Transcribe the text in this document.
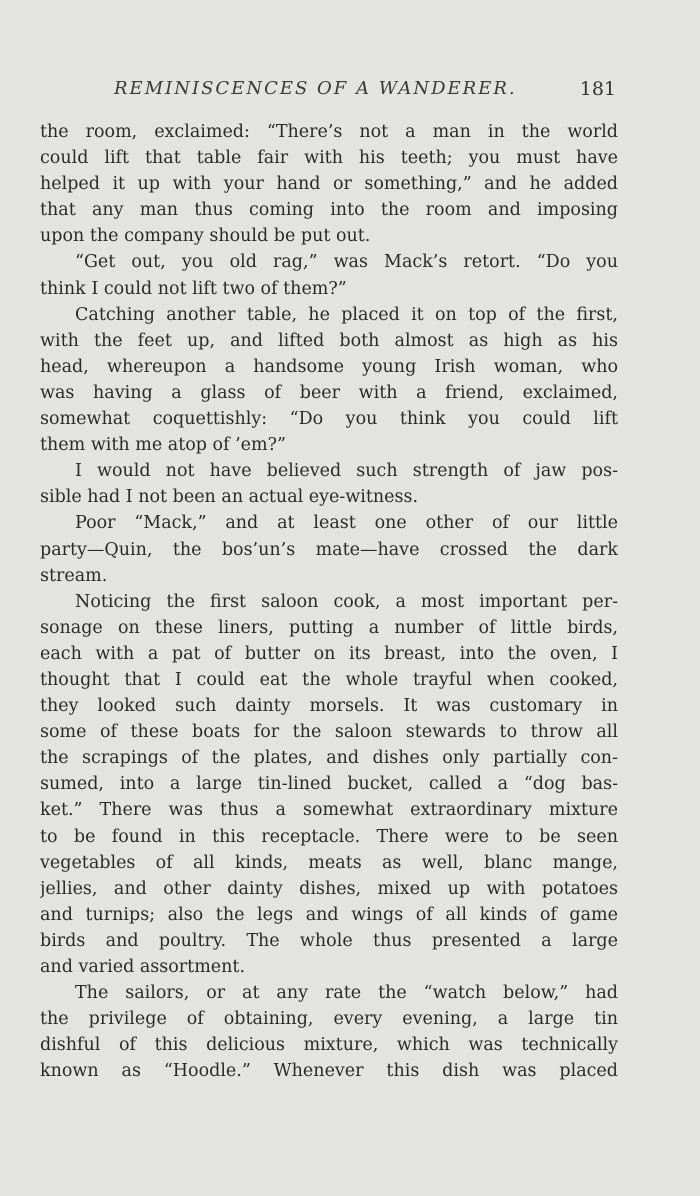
REMINISCENCES OF A WANDERER.	181
the room, exclaimed: “There’s not a man in the world
could lift that table fair with his teeth; you must have
helped it up with your hand or something,” and he added
that any man thus coming into the room and imposing
upon the company should be put out.
“Get out, you old rag,” was Mack’s retort. “Do you
think I could not lift two of them?”
Catching another table, he placed it on top of the first,
with the feet up, and lifted both almost as high as his
head, whereupon a handsome young Irish woman, who
was having a glass of beer with a friend, exclaimed,
somewhat coquettishly: “Do you think you could lift
them with me atop of ’em?”
I would not have believed such strength of jaw pos-
sible had I not been an actual eye-witness.
Poor “Mack,” and at least one other of our little
party—Quin, the bos’un’s mate—have crossed the dark
stream.
Noticing the first saloon cook, a most important per-
sonage on these liners, putting a number of little birds,
each with a pat of butter on its breast, into the oven, I
thought that I could eat the whole trayful when cooked,
they looked such dainty morsels. It was customary in
some of these boats for the saloon stewards to throw all
the scrapings of the plates, and dishes only partially con-
sumed, into a large tin-lined bucket, called a “dog bas-
ket.” There was thus a somewhat extraordinary mixture
to be found in this receptacle. There were to be seen
vegetables of all kinds, meats as well, blanc mange,
jellies, and other dainty dishes, mixed up with potatoes
and turnips; also the legs and wings of all kinds of game
birds and poultry. The whole thus presented a large
and varied assortment.
The sailors, or at any rate the “watch below,” had
the privilege of obtaining, every evening, a large tin
dishful of this delicious mixture, which was technically
known as “Hoodle.” Whenever this dish was placed
